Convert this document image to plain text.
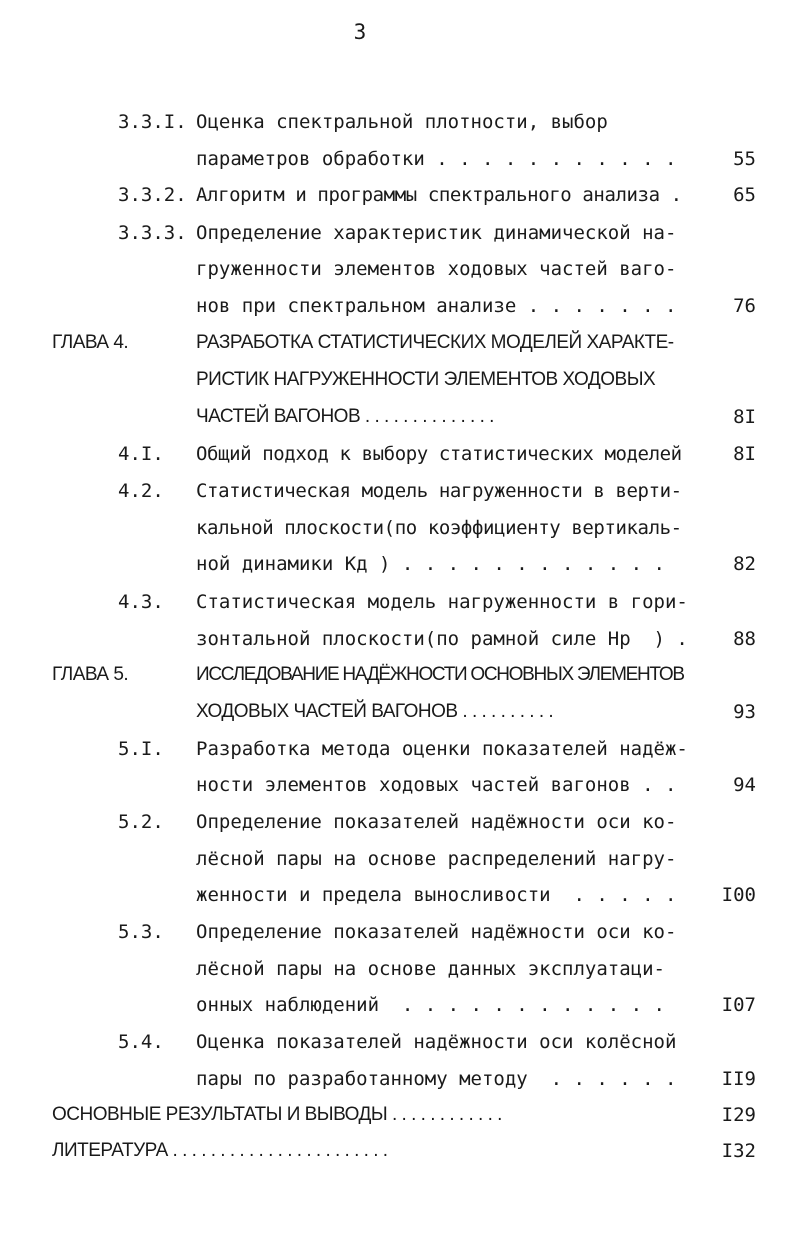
3
3.3.I. Оценка спектральной плотности, выбор
параметров обработки . . . . . . . . . . .	55
3.3.2. Алгоритм и программы спектрального анализа .	65
3.3.3. Определение характеристик динамической на-
груженности элементов ходовых частей ваго-
нов при спектральном анализе . . . . . . .	76
ГЛАВА 4.	РАЗРАБОТКА СТАТИСТИЧЕСКИХ МОДЕЛЕЙ ХАРАКТЕ-
РИСТИК НАГРУЖЕННОСТИ ЭЛЕМЕНТОВ ХОДОВЫХ
ЧАСТЕЙ ВАГОНОВ . . . . . . . . . . . . . .	8I
4.I. Общий подход к выбору статистических моделей	8I
4.2. Статистическая модель нагруженности в верти-
кальной плоскости(по коэффициенту вертикаль-
ной динамики Кд ) . . . . . . . . . . . .	82
4.3. Статистическая модель нагруженности в гори-
зонтальной плоскости(по рамной силе Нр  ) .	88
ГЛАВА 5.	ИССЛЕДОВАНИЕ НАДЁЖНОСТИ ОСНОВНЫХ ЭЛЕМЕНТОВ
ХОДОВЫХ ЧАСТЕЙ ВАГОНОВ . . . . . . . . . .	93
5.I. Разработка метода оценки показателей надёж-
ности элементов ходовых частей вагонов . .	94
5.2. Определение показателей надёжности оси ко-
лёсной пары на основе распределений нагру-
женности и предела выносливости  . . . . .	I00
5.3. Определение показателей надёжности оси ко-
лёсной пары на основе данных эксплуатаци-
онных наблюдений  . . . . . . . . . . . .	I07
5.4. Оценка показателей надёжности оси колёсной
пары по разработанному методу  . . . . . .	II9
ОСНОВНЫЕ РЕЗУЛЬТАТЫ И ВЫВОДЫ . . . . . . . . . . . .	I29
ЛИТЕРАТУРА . . . . . . . . . . . . . . . . . . . . . . .	I32
